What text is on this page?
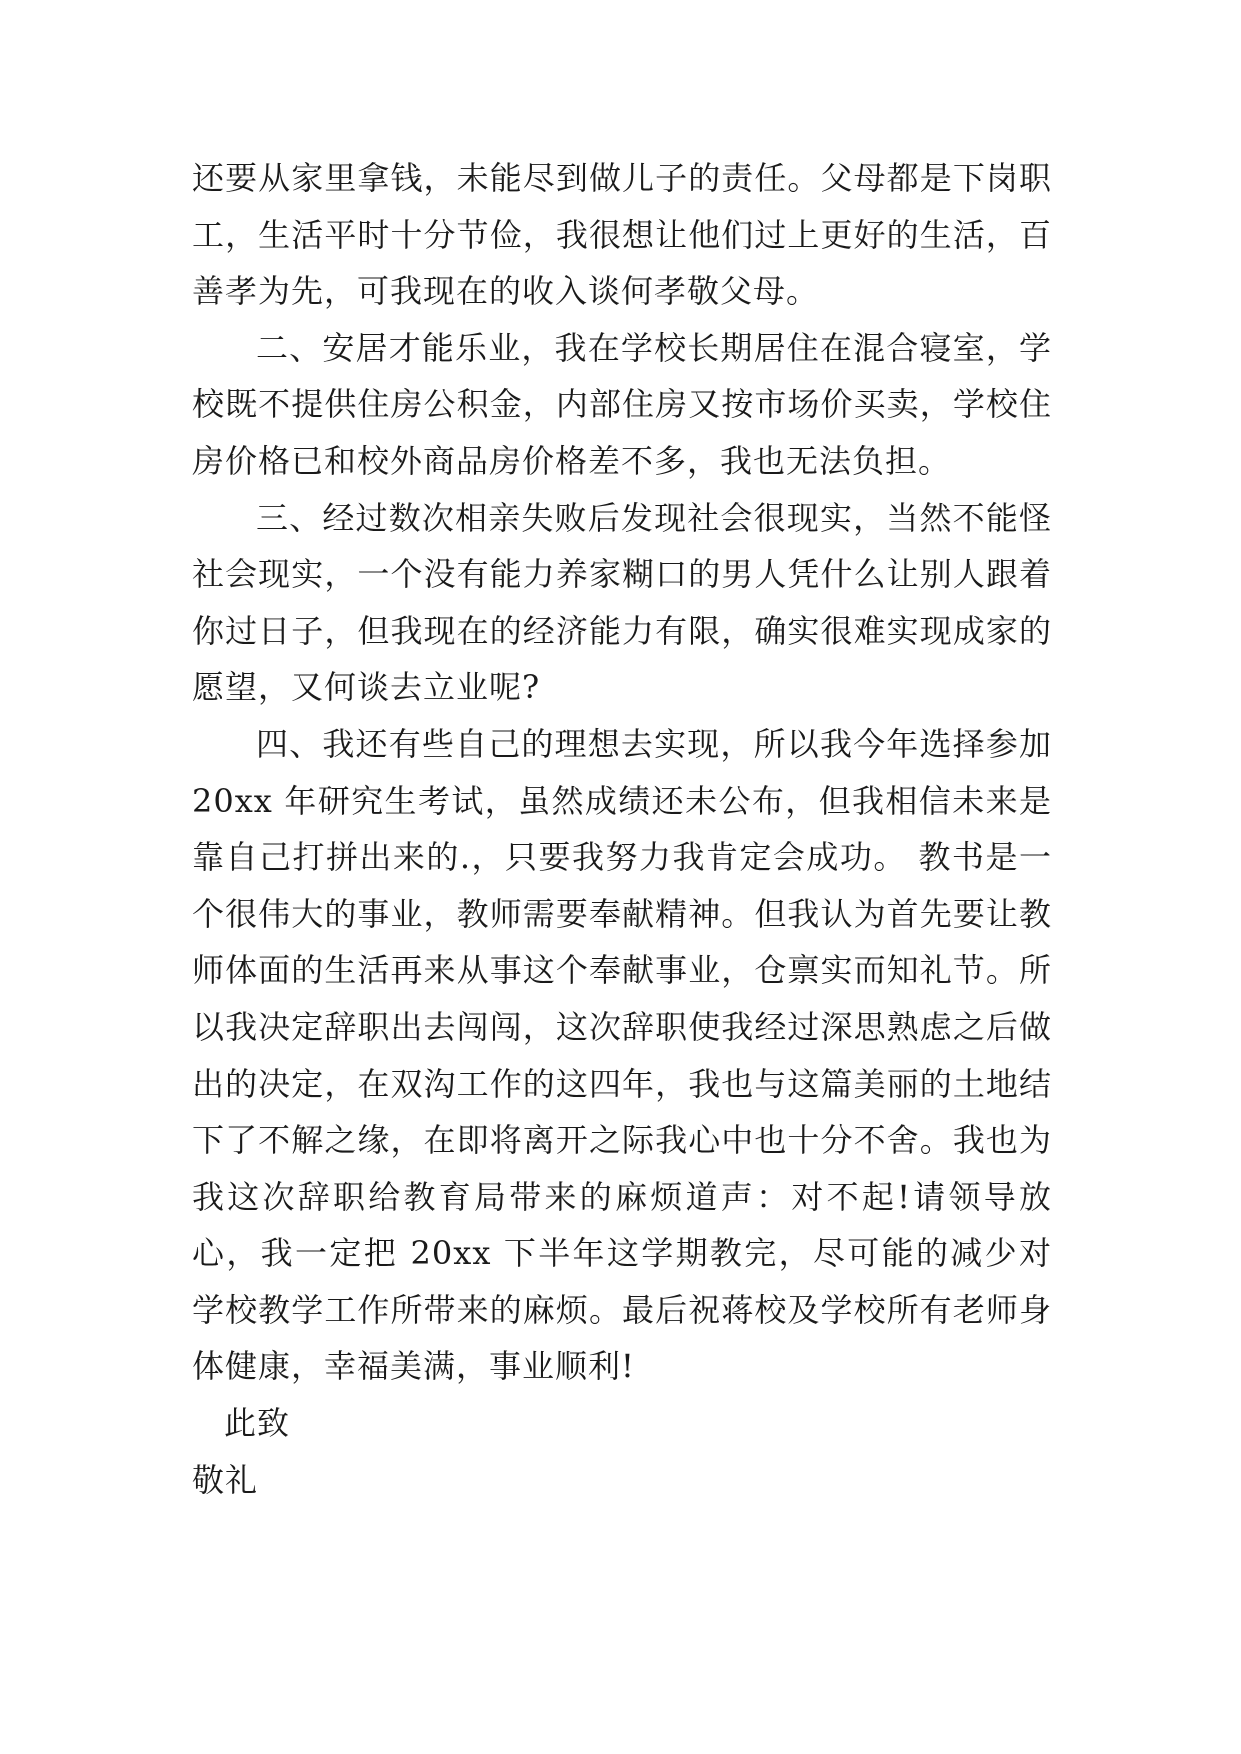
还要从家里拿钱，未能尽到做儿子的责任。父母都是下岗职工，生活平时十分节俭，我很想让他们过上更好的生活，百善孝为先，可我现在的收入谈何孝敬父母。

二、安居才能乐业，我在学校长期居住在混合寝室，学校既不提供住房公积金，内部住房又按市场价买卖，学校住房价格已和校外商品房价格差不多，我也无法负担。

三、经过数次相亲失败后发现社会很现实，当然不能怪社会现实，一个没有能力养家糊口的男人凭什么让别人跟着你过日子，但我现在的经济能力有限，确实很难实现成家的愿望，又何谈去立业呢?

四、我还有些自己的理想去实现，所以我今年选择参加20xx 年研究生考试，虽然成绩还未公布，但我相信未来是靠自己打拼出来的.，只要我努力我肯定会成功。 教书是一个很伟大的事业，教师需要奉献精神。但我认为首先要让教师体面的生活再来从事这个奉献事业，仓禀实而知礼节。所以我决定辞职出去闯闯，这次辞职使我经过深思熟虑之后做出的决定，在双沟工作的这四年，我也与这篇美丽的土地结下了不解之缘，在即将离开之际我心中也十分不舍。我也为我这次辞职给教育局带来的麻烦道声：对不起!请领导放心，我一定把 20xx 下半年这学期教完，尽可能的减少对学校教学工作所带来的麻烦。最后祝蒋校及学校所有老师身体健康，幸福美满，事业顺利!

此致

敬礼
